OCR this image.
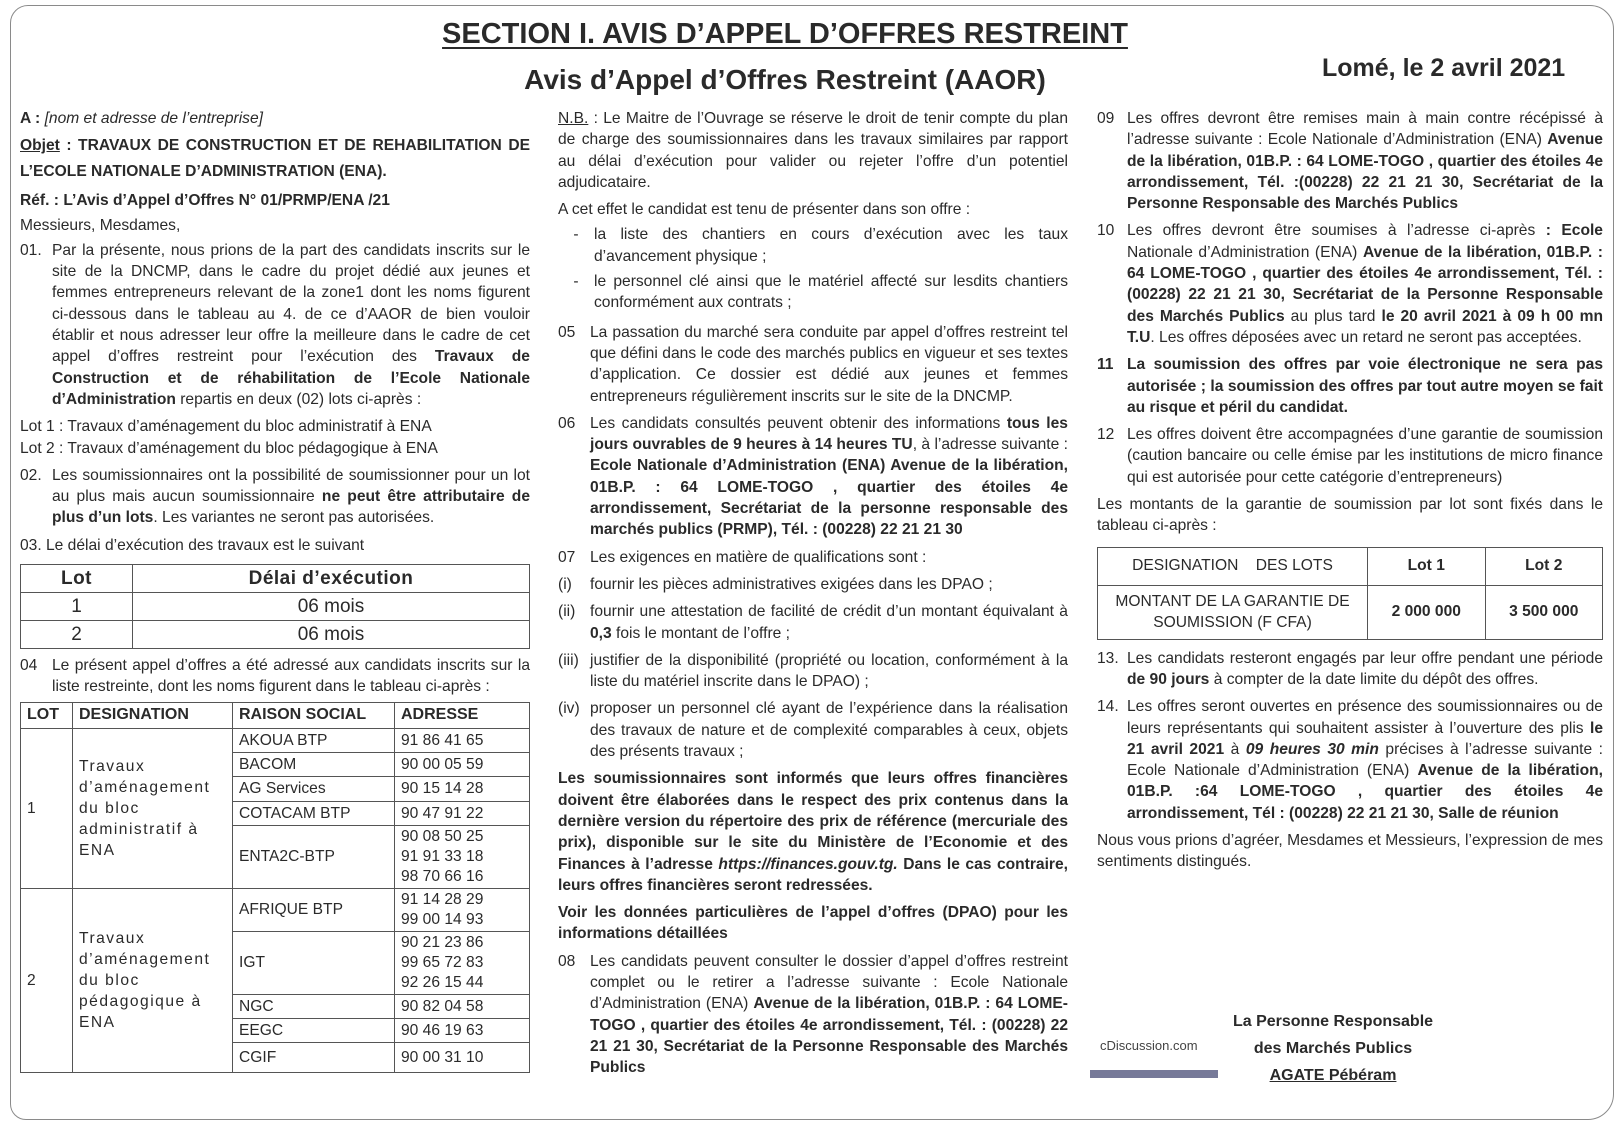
SECTION I. AVIS D’APPEL D’OFFRES RESTREINT
Avis d’Appel d’Offres Restreint (AAOR)	Lomé, le 2 avril 2021

A : [nom et adresse de l’entreprise]

Objet : TRAVAUX DE CONSTRUCTION ET DE REHABILITATION DE L’ECOLE NATIONALE D’ADMINISTRATION (ENA).

Réf. : L’Avis d’Appel d’Offres N° 01/PRMP/ENA /21

Messieurs, Mesdames,

01. Par la présente, nous prions de la part des candidats inscrits sur le site de la DNCMP, dans le cadre du projet dédié aux jeunes et femmes entrepreneurs relevant de la zone1 dont les noms figurent ci-dessous dans le tableau au 4. de ce d’AAOR de bien vouloir établir et nous adresser leur offre la meilleure dans le cadre de cet appel d’offres restreint pour l’exécution des Travaux de Construction et de réhabilitation de l’Ecole Nationale d’Administration repartis en deux (02) lots ci-après :
Lot 1 : Travaux d’aménagement du bloc administratif à ENA
Lot 2 : Travaux d’aménagement du bloc pédagogique à ENA
02. Les soumissionnaires ont la possibilité de soumissionner pour un lot au plus mais aucun soumissionnaire ne peut être attributaire de plus d’un lots. Les variantes ne seront pas autorisées.

03. Le délai d’exécution des travaux est le suivant

Lot	Délai d’exécution
1	06 mois
2	06 mois
04 Le présent appel d’offres a été adressé aux candidats inscrits sur la liste restreinte, dont les noms figurent dans le tableau ci-après :
LOT	DESIGNATION	RAISON SOCIAL	ADRESSE
1	Travaux d’aménagement du bloc administratif à ENA	AKOUA BTP	91 86 41 65
		BACOM	90 00 05 59
		AG Services	90 15 14 28
		COTACAM BTP	90 47 91 22
		ENTA2C-BTP	90 08 50 25
91 91 33 18
98 70 66 16
2	Travaux d’aménagement du bloc pédagogique à ENA	AFRIQUE BTP	91 14 28 29
99 00 14 93
		IGT	90 21 23 86
99 65 72 83
92 26 15 44
		NGC	90 82 04 58
		EEGC	90 46 19 63
		CGIF	90 00 31 10

N.B. : Le Maitre de l’Ouvrage se réserve le droit de tenir compte du plan de charge des soumissionnaires dans les travaux similaires par rapport au délai d’exécution pour valider ou rejeter l’offre d’un potentiel adjudicataire.

A cet effet le candidat est tenu de présenter dans son offre :

- la liste des chantiers en cours d’exécution avec les taux d’avancement physique ;
- le personnel clé ainsi que le matériel affecté sur lesdits chantiers conformément aux contrats ;
05 La passation du marché sera conduite par appel d’offres restreint tel que défini dans le code des marchés publics en vigueur et ses textes d’application. Ce dossier est dédié aux jeunes et femmes entrepreneurs régulièrement inscrits sur le site de la DNCMP.
06 Les candidats consultés peuvent obtenir des informations tous les jours ouvrables de 9 heures à 14 heures TU, à l’adresse suivante : Ecole Nationale d’Administration (ENA) Avenue de la libération, 01B.P. : 64 LOME-TOGO , quartier des étoiles 4e arrondissement, Secrétariat de la personne responsable des marchés publics (PRMP), Tél. : (00228) 22 21 21 30
07 Les exigences en matière de qualifications sont :
(i)	fournir les pièces administratives exigées dans les DPAO ;
(ii) fournir une attestation de facilité de crédit d’un montant équivalant à 0,3 fois le montant de l’offre ;
(iii) justifier de la disponibilité (propriété ou location, conformément à la liste du matériel inscrite dans le DPAO) ;
(iv) proposer un personnel clé ayant de l’expérience dans la réalisation des travaux de nature et de complexité comparables à ceux, objets des présents travaux ;

Les soumissionnaires sont informés que leurs offres financières doivent être élaborées dans le respect des prix contenus dans la dernière version du répertoire des prix de référence (mercuriale des prix), disponible sur le site du Ministère de l’Economie et des Finances à l’adresse https://finances.gouv.tg. Dans le cas contraire, leurs offres financières seront redressées.

Voir les données particulières de l’appel d’offres (DPAO) pour les informations détaillées

08 Les candidats peuvent consulter le dossier d’appel d’offres restreint complet ou le retirer a l’adresse suivante : Ecole Nationale d’Administration (ENA) Avenue de la libération, 01B.P. : 64 LOME-TOGO , quartier des étoiles 4e arrondissement, Tél. : (00228) 22 21 21 30, Secrétariat de la Personne Responsable des Marchés Publics
09 Les offres devront être remises main à main contre récépissé à l’adresse suivante : Ecole Nationale d’Administration (ENA) Avenue de la libération, 01B.P. : 64 LOME-TOGO , quartier des étoiles 4e arrondissement, Tél. :(00228) 22 21 21 30, Secrétariat de la Personne Responsable des Marchés Publics
10 Les offres devront être soumises à l’adresse ci-après : Ecole Nationale d’Administration (ENA) Avenue de la libération, 01B.P. : 64 LOME-TOGO , quartier des étoiles 4e arrondissement, Tél. :(00228) 22 21 21 30, Secrétariat de la Personne Responsable des Marchés Publics au plus tard le 20 avril 2021 à 09 h 00 mn T.U. Les offres déposées avec un retard ne seront pas acceptées.
11 La soumission des offres par voie électronique ne sera pas autorisée ; la soumission des offres par tout autre moyen se fait au risque et péril du candidat.
12 Les offres doivent être accompagnées d’une garantie de soumission (caution bancaire ou celle émise par les institutions de micro finance qui est autorisée pour cette catégorie d’entrepreneurs)

Les montants de la garantie de soumission par lot sont fixés dans le tableau ci-après :

DESIGNATION    DES LOTS	Lot 1	Lot 2
MONTANT DE LA GARANTIE DE SOUMISSION (F CFA)	2 000 000	3 500 000
13. Les candidats resteront engagés par leur offre pendant une période de 90 jours à compter de la date limite du dépôt des offres.
14. Les offres seront ouvertes en présence des soumissionnaires ou de leurs représentants qui souhaitent assister à l’ouverture des plis le 21 avril 2021 à 09 heures 30 min précises à l’adresse suivante : Ecole Nationale d’Administration (ENA) Avenue de la libération, 01B.P. :64 LOME-TOGO , quartier des étoiles 4e arrondissement, Tél : (00228) 22 21 21 30, Salle de réunion

Nous vous prions d’agréer, Mesdames et Messieurs, l’expression de mes sentiments distingués.

cDiscussion.com
La Personne Responsable
des Marchés Publics
AGATE Pébéram
